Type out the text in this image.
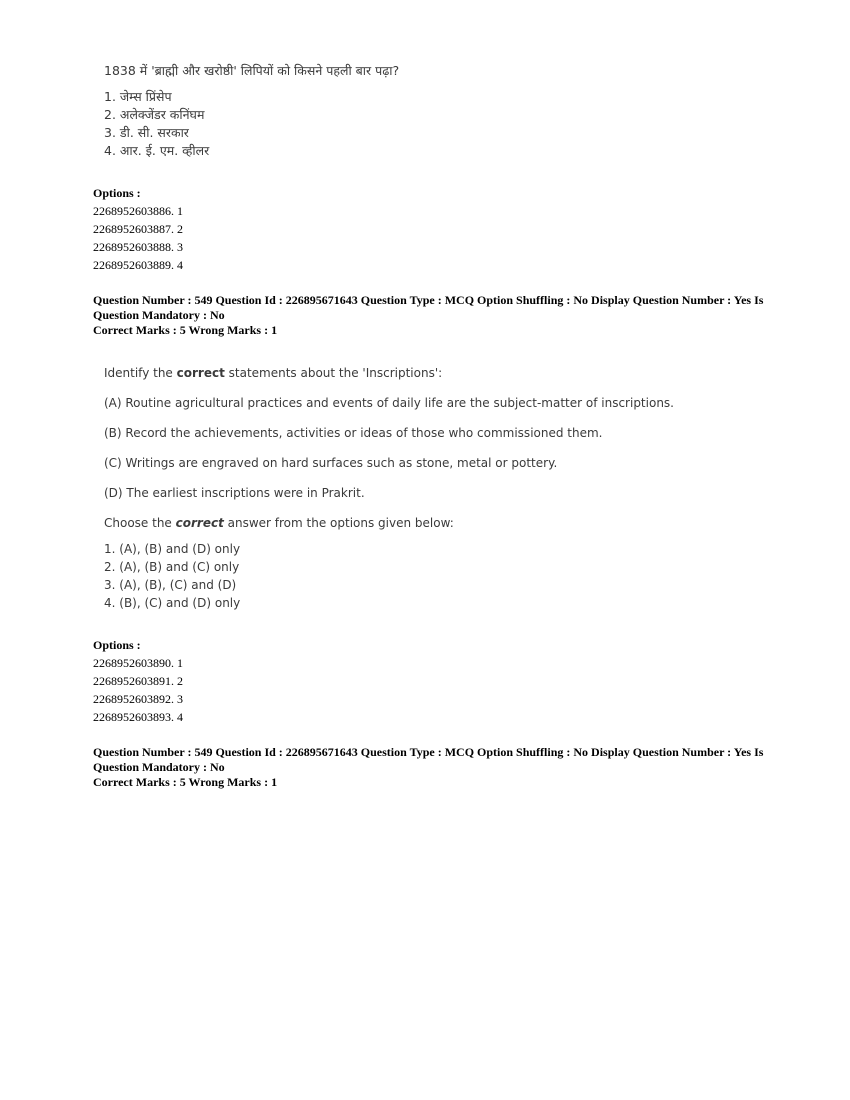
1838 में 'ब्राह्मी और खरोष्ठी' लिपियों को किसने पहली बार पढ़ा?

1. जेम्स प्रिंसेप

2. अलेक्जेंडर कनिंघम

3. डी. सी. सरकार

4. आर. ई. एम. व्हीलर

Options :

2268952603886. 1

2268952603887. 2

2268952603888. 3

2268952603889. 4

Question Number : 549 Question Id : 226895671643 Question Type : MCQ Option Shuffling : No Display Question Number : Yes Is

Question Mandatory : No

Correct Marks : 5 Wrong Marks : 1

Identify the correct statements about the 'Inscriptions':

(A) Routine agricultural practices and events of daily life are the subject-matter of inscriptions.

(B) Record the achievements, activities or ideas of those who commissioned them.

(C) Writings are engraved on hard surfaces such as stone, metal or pottery.

(D) The earliest inscriptions were in Prakrit.

Choose the correct answer from the options given below:

1. (A), (B) and (D) only

2. (A), (B) and (C) only

3. (A), (B), (C) and (D)

4. (B), (C) and (D) only

Options :

2268952603890. 1

2268952603891. 2

2268952603892. 3

2268952603893. 4

Question Number : 549 Question Id : 226895671643 Question Type : MCQ Option Shuffling : No Display Question Number : Yes Is

Question Mandatory : No

Correct Marks : 5 Wrong Marks : 1
